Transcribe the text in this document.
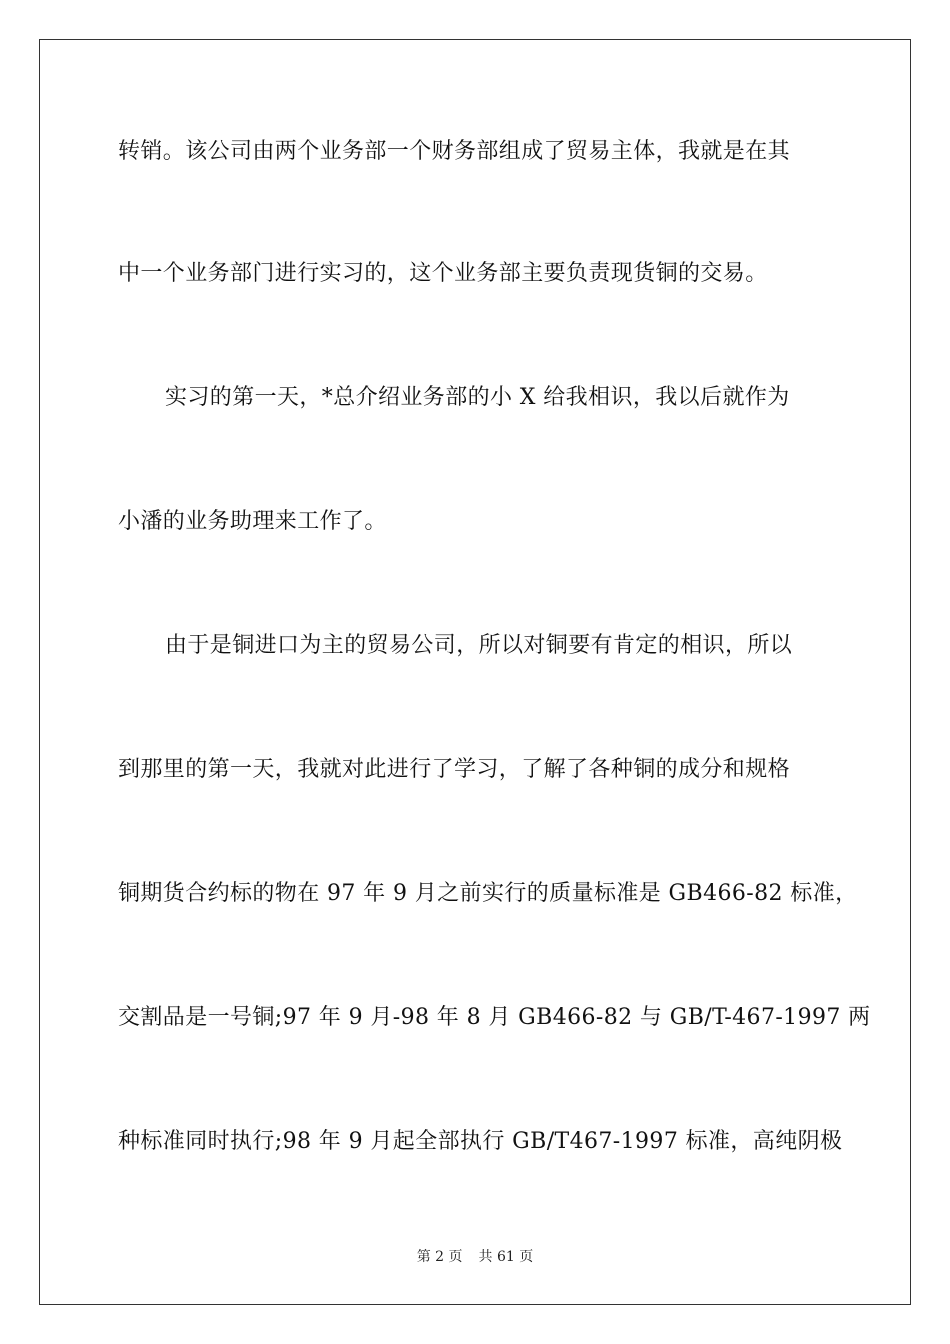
转销。该公司由两个业务部一个财务部组成了贸易主体，我就是在其
中一个业务部门进行实习的，这个业务部主要负责现货铜的交易。
实习的第一天，*总介绍业务部的小 X 给我相识，我以后就作为
小潘的业务助理来工作了。
由于是铜进口为主的贸易公司，所以对铜要有肯定的相识，所以
到那里的第一天，我就对此进行了学习，了解了各种铜的成分和规格
铜期货合约标的物在 97 年 9 月之前实行的质量标准是 GB466-82 标准，
交割品是一号铜;97 年 9 月-98 年 8 月 GB466-82 与 GB/T-467-1997 两
种标准同时执行;98 年 9 月起全部执行 GB/T467-1997 标准，高纯阴极
第 2 页 共 61 页
